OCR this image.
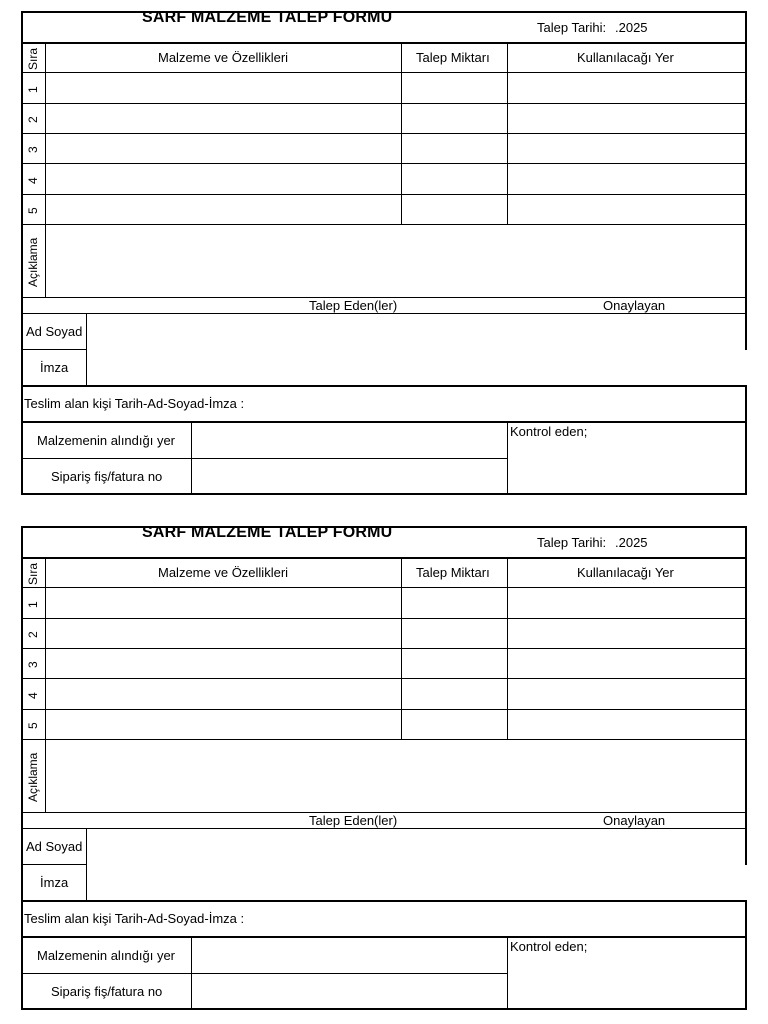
SARF MALZEME TALEP FORMU
Talep Tarihi: .2025
Sıra	Malzeme ve Özellikleri	Talep Miktarı	Kullanılacağı Yer
1
2
3
4
5
Açıklama
Talep Eden(ler)	Onaylayan
Ad Soyad
İmza
Teslim alan kişi Tarih-Ad-Soyad-İmza :
Malzemenin alındığı yer
Sipariş fiş/fatura no
Kontrol eden;
SARF MALZEME TALEP FORMU
Talep Tarihi: .2025
Sıra	Malzeme ve Özellikleri	Talep Miktarı	Kullanılacağı Yer
1
2
3
4
5
Açıklama
Talep Eden(ler)	Onaylayan
Ad Soyad
İmza
Teslim alan kişi Tarih-Ad-Soyad-İmza :
Malzemenin alındığı yer
Sipariş fiş/fatura no
Kontrol eden;
